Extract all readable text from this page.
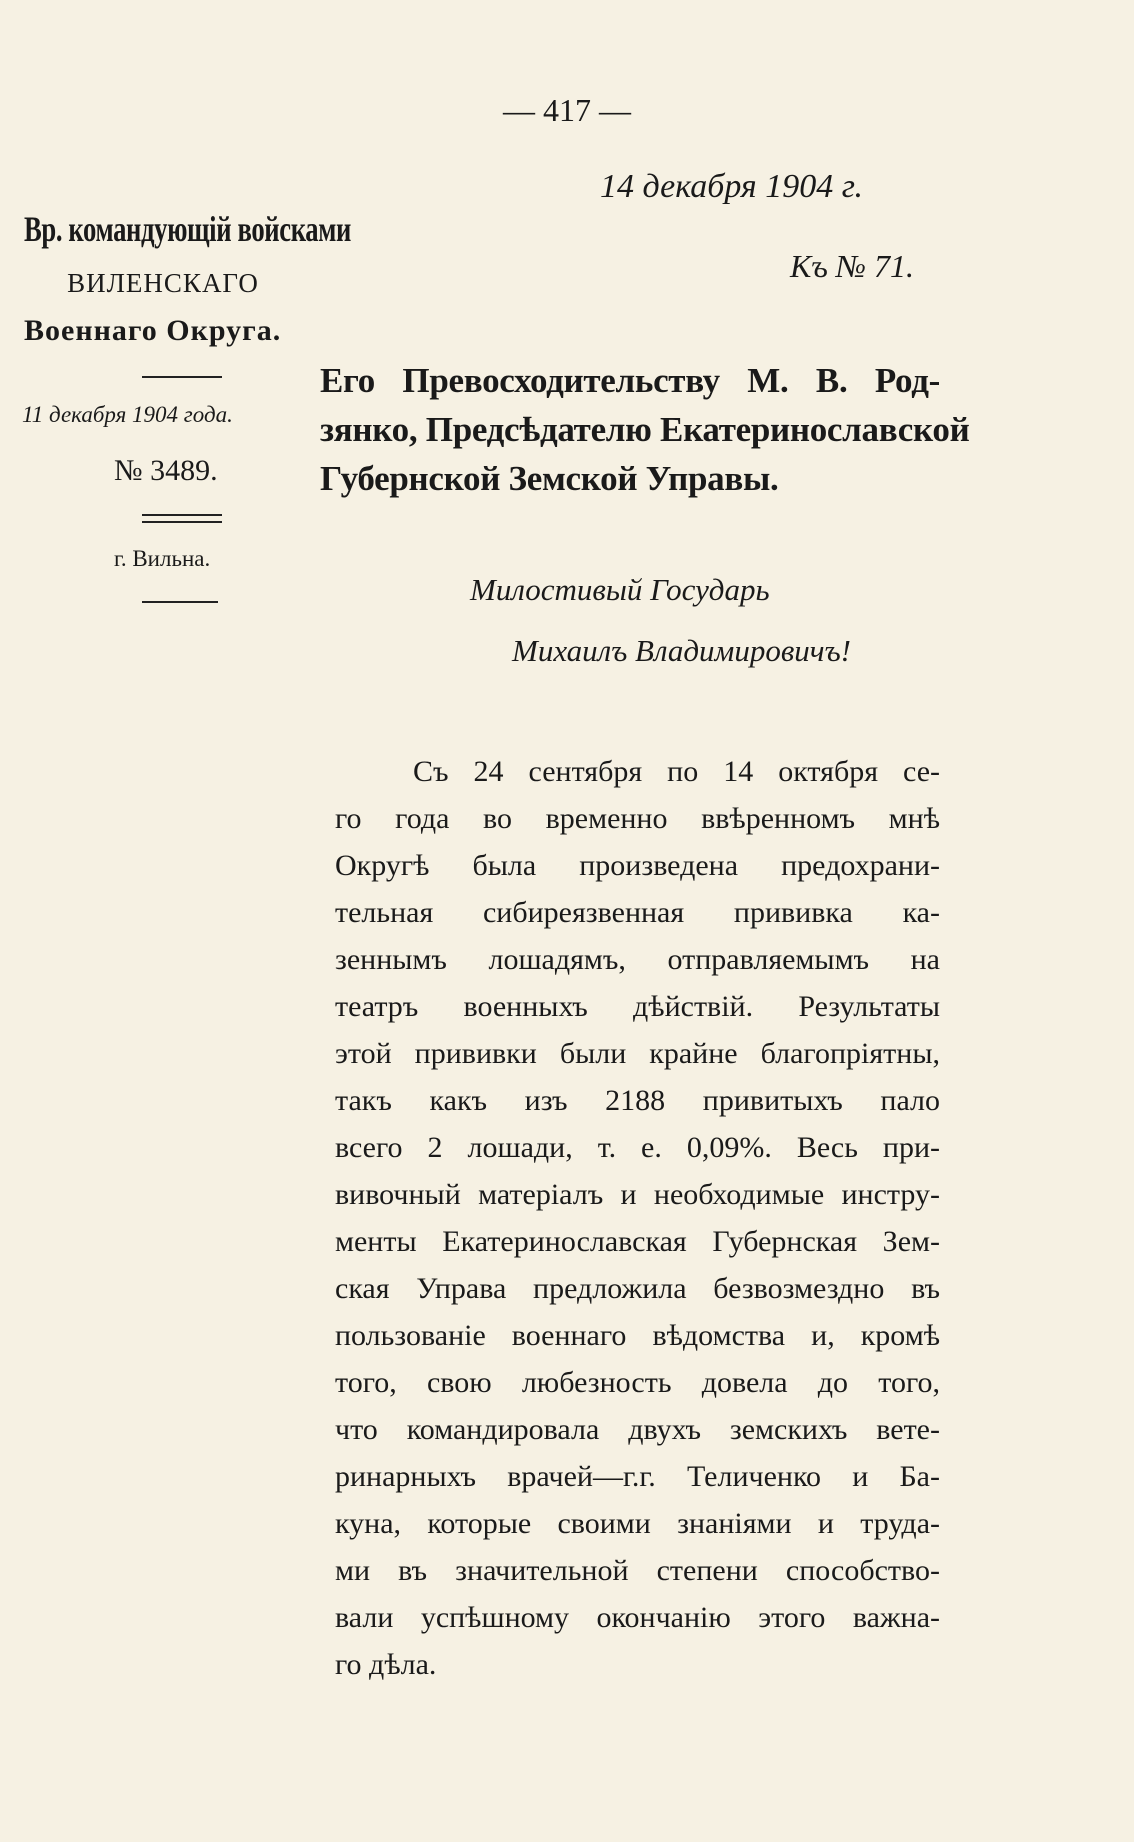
— 417 —
14 декабря 1904 г.
Къ № 71.
Вр. командующій войсками
ВИЛЕНСКАГО
Военнаго Округа.
11 декабря 1904 года.
№ 3489.
г. Вильна.
Его Превосходительству М. В. Род-
зянко, Предсѣдателю Екатеринославской
Губернской Земской Управы.
Милостивый Государь
Михаилъ Владимировичъ!
Съ 24 сентября по 14 октября се-
го года во временно ввѣренномъ мнѣ
Округѣ была произведена предохрани-
тельная сибиреязвенная прививка ка-
зеннымъ лошадямъ, отправляемымъ на
театръ военныхъ дѣйствій. Результаты
этой прививки были крайне благопріятны,
такъ какъ изъ 2188 привитыхъ пало
всего 2 лошади, т. е. 0,09%. Весь при-
вивочный матеріалъ и необходимые инстру-
менты Екатеринославская Губернская Зем-
ская Управа предложила безвозмездно въ
пользованіе военнаго вѣдомства и, кромѣ
того, свою любезность довела до того,
что командировала двухъ земскихъ вете-
ринарныхъ врачей—г.г. Теличенко и Ба-
куна, которые своими знаніями и труда-
ми въ значительной степени способство-
вали успѣшному окончанію этого важна-
го дѣла.
